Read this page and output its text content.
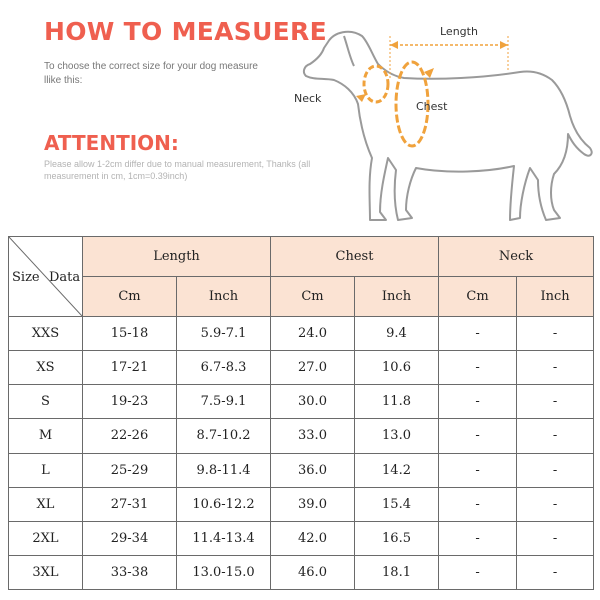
HOW TO MEASUERE
To choose the correct size for your dog measure llike this:
ATTENTION:
Please allow 1-2cm differ due to manual measurement, Thanks (all measurement in cm, 1cm=0.39inch)
Length
Neck
Chest
Size Data	Length		Chest		Neck	
	Cm	Inch	Cm	Inch	Cm	Inch
XXS	15-18	5.9-7.1	24.0	9.4	-	-
XS	17-21	6.7-8.3	27.0	10.6	-	-
S	19-23	7.5-9.1	30.0	11.8	-	-
M	22-26	8.7-10.2	33.0	13.0	-	-
L	25-29	9.8-11.4	36.0	14.2	-	-
XL	27-31	10.6-12.2	39.0	15.4	-	-
2XL	29-34	11.4-13.4	42.0	16.5	-	-
3XL	33-38	13.0-15.0	46.0	18.1	-	-
